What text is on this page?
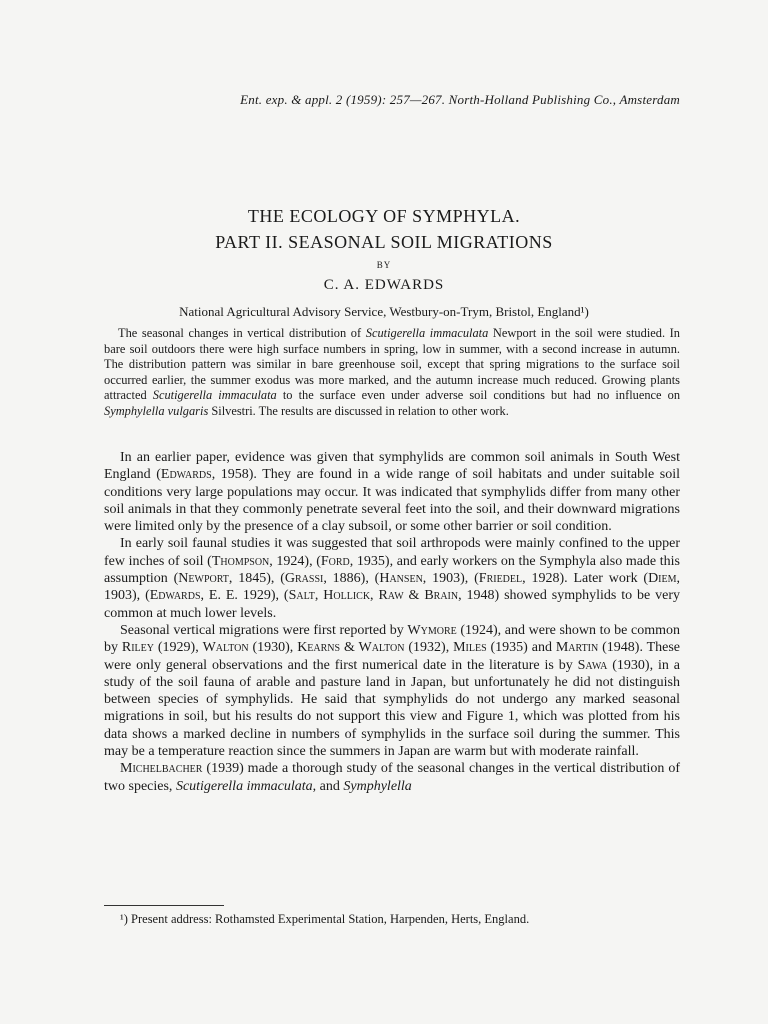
Ent. exp. & appl. 2 (1959): 257—267. North-Holland Publishing Co., Amsterdam
THE ECOLOGY OF SYMPHYLA.
PART II. SEASONAL SOIL MIGRATIONS
BY
C. A. EDWARDS
National Agricultural Advisory Service, Westbury-on-Trym, Bristol, England¹)

The seasonal changes in vertical distribution of Scutigerella immaculata Newport in the soil were studied. In bare soil outdoors there were high surface numbers in spring, low in summer, with a second increase in autumn. The distribution pattern was similar in bare greenhouse soil, except that spring migrations to the surface soil occurred earlier, the summer exodus was more marked, and the autumn increase much reduced. Growing plants attracted Scutigerella immaculata to the surface even under adverse soil conditions but had no influence on Symphylella vulgaris Silvestri. The results are discussed in relation to other work.

In an earlier paper, evidence was given that symphylids are common soil animals in South West England (Edwards, 1958). They are found in a wide range of soil habitats and under suitable soil conditions very large populations may occur. It was indicated that symphylids differ from many other soil animals in that they commonly penetrate several feet into the soil, and their downward migrations were limited only by the presence of a clay subsoil, or some other barrier or soil condition.

In early soil faunal studies it was suggested that soil arthropods were mainly confined to the upper few inches of soil (Thompson, 1924), (Ford, 1935), and early workers on the Symphyla also made this assumption (Newport, 1845), (Grassi, 1886), (Hansen, 1903), (Friedel, 1928). Later work (Diem, 1903), (Edwards, E. E. 1929), (Salt, Hollick, Raw & Brain, 1948) showed symphylids to be very common at much lower levels.

Seasonal vertical migrations were first reported by Wymore (1924), and were shown to be common by Riley (1929), Walton (1930), Kearns & Walton (1932), Miles (1935) and Martin (1948). These were only general observations and the first numerical date in the literature is by Sawa (1930), in a study of the soil fauna of arable and pasture land in Japan, but unfortunately he did not distinguish between species of symphylids. He said that symphylids do not undergo any marked seasonal migrations in soil, but his results do not support this view and Figure 1, which was plotted from his data shows a marked decline in numbers of symphylids in the surface soil during the summer. This may be a temperature reaction since the summers in Japan are warm but with moderate rainfall.

Michelbacher (1939) made a thorough study of the seasonal changes in the vertical distribution of two species, Scutigerella immaculata, and Symphylella

¹) Present address: Rothamsted Experimental Station, Harpenden, Herts, England.
